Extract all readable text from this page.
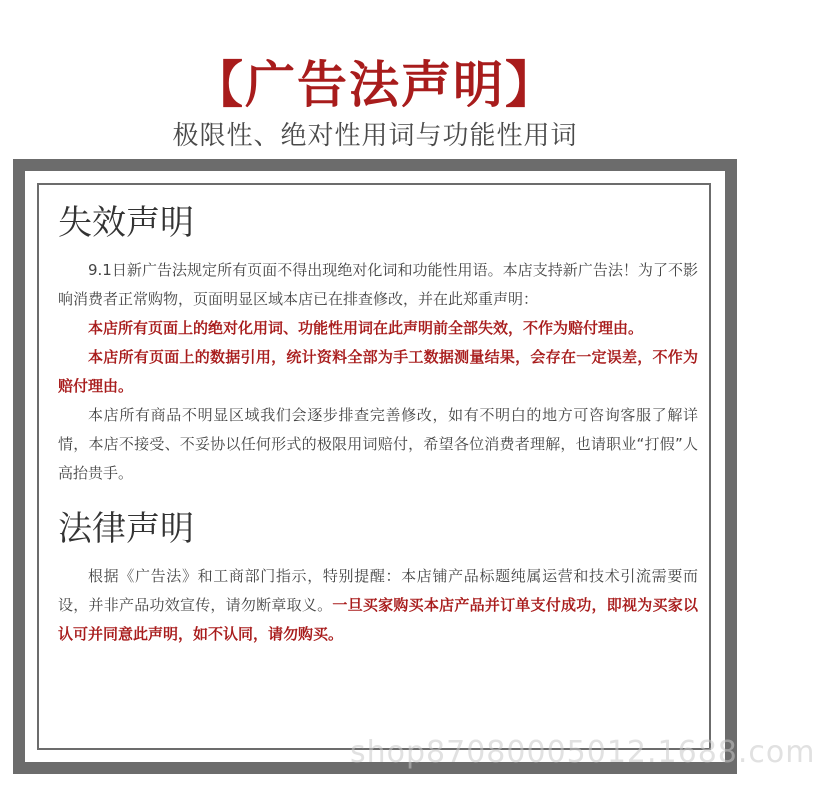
【广告法声明】
极限性、绝对性用词与功能性用词
失效声明

9.1日新广告法规定所有页面不得出现绝对化词和功能性用语。本店支持新广告法！为了不影响消费者正常购物，页面明显区域本店已在排查修改，并在此郑重声明：

本店所有页面上的绝对化用词、功能性用词在此声明前全部失效，不作为赔付理由。

本店所有页面上的数据引用，统计资料全部为手工数据测量结果，会存在一定误差，不作为赔付理由。

本店所有商品不明显区域我们会逐步排查完善修改，如有不明白的地方可咨询客服了解详情，本店不接受、不妥协以任何形式的极限用词赔付，希望各位消费者理解，也请职业“打假”人高抬贵手。

法律声明

根据《广告法》和工商部门指示，特别提醒：本店铺产品标题纯属运营和技术引流需要而设，并非产品功效宣传，请勿断章取义。一旦买家购买本店产品并订单支付成功，即视为买家以认可并同意此声明，如不认同，请勿购买。

shop87080005012.1688.com
